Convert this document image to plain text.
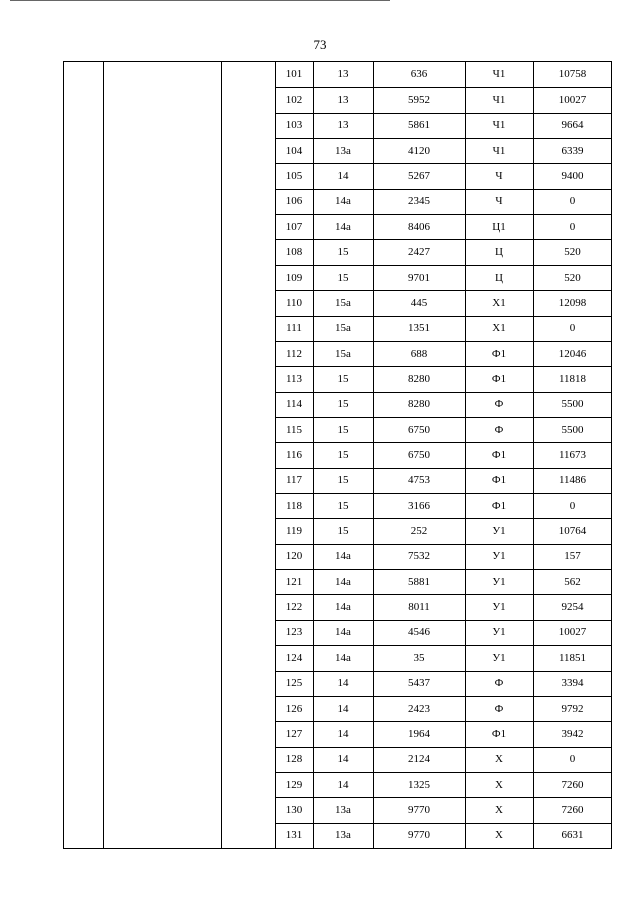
73
101	13	636	Ч1	10758
102	13	5952	Ч1	10027
103	13	5861	Ч1	9664
104	13а	4120	Ч1	6339
105	14	5267	Ч	9400
106	14а	2345	Ч	0
107	14а	8406	Ц1	0
108	15	2427	Ц	520
109	15	9701	Ц	520
110	15а	445	Х1	12098
111	15а	1351	Х1	0
112	15а	688	Ф1	12046
113	15	8280	Ф1	11818
114	15	8280	Ф	5500
115	15	6750	Ф	5500
116	15	6750	Ф1	11673
117	15	4753	Ф1	11486
118	15	3166	Ф1	0
119	15	252	У1	10764
120	14а	7532	У1	157
121	14а	5881	У1	562
122	14а	8011	У1	9254
123	14а	4546	У1	10027
124	14а	35	У1	11851
125	14	5437	Ф	3394
126	14	2423	Ф	9792
127	14	1964	Ф1	3942
128	14	2124	Х	0
129	14	1325	Х	7260
130	13а	9770	Х	7260
131	13а	9770	Х	6631
